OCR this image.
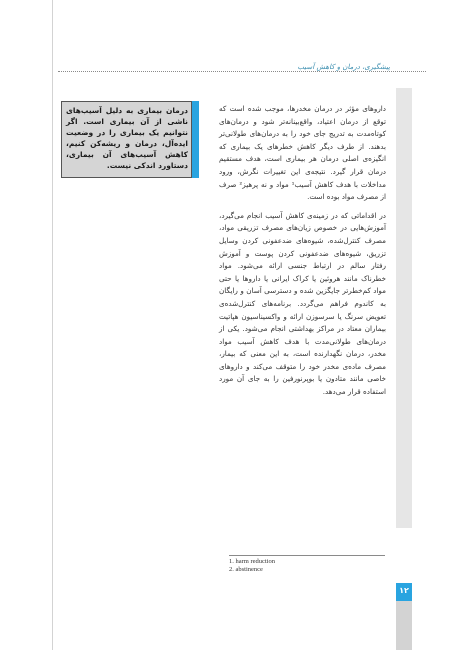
پیشگیری، درمان و کاهش آسیب
درمان بیماری به دلیل آسیب‌های ناشی از آن بیماری است. اگر نتوانیم یک بیماری را در وضعیت ایده‌آل، درمان و ریشه‌کن کنیم، کاهش آسیب‌های آن بیماری، دستاورد اندکی نیست.

داروهای مؤثر در درمان مخدرها، موجب شده است که توقع از درمان اعتیاد، واقع‌بینانه‌تر شود و درمان‌های کوتاه‌مدت به تدریج جای خود را به درمان‌های طولانی‌تر بدهند. از طرف دیگر کاهش خطرهای یک بیماری که انگیزه‌ی اصلی درمان هر بیماری است، هدف مستقیم درمان قرار گیرد. نتیجه‌ی این تغییرات نگرش، ورود مداخلات با هدف کاهش آسیب¹ مواد و نه پرهیز² صرف از مصرف مواد بوده است.

در اقداماتی که در زمینه‌ی کاهش آسیب انجام می‌گیرد، آموزش‌هایی در خصوص زیان‌های مصرف تزریقی مواد، مصرف کنترل‌شده، شیوه‌های ضدعفونی کردن وسایل تزریق، شیوه‌های ضدعفونی کردن پوست و آموزش رفتار سالم در ارتباط جنسی ارائه می‌شود. مواد خطرناک مانند هروئین یا کراک ایرانی یا داروها یا حتی مواد کم‌خطرتر جایگزین شده و دسترسی آسان و رایگان به کاندوم فراهم می‌گردد. برنامه‌های کنترل‌شده‌ی تعویض سرنگ یا سرسوزن ارائه و واکسیناسیون هپاتیت بیماران معتاد در مراکز بهداشتی انجام می‌شود. یکی از درمان‌های طولانی‌مدت با هدف کاهش آسیب مواد مخدر، درمان نگهدارنده است، به این معنی که بیمار، مصرف ماده‌ی مخدر خود را متوقف می‌کند و داروهای خاصی مانند متادون یا بوپرنورفین را به جای آن مورد استفاده قرار می‌دهد.

1. harm reduction
2. abstinence
۱۲
